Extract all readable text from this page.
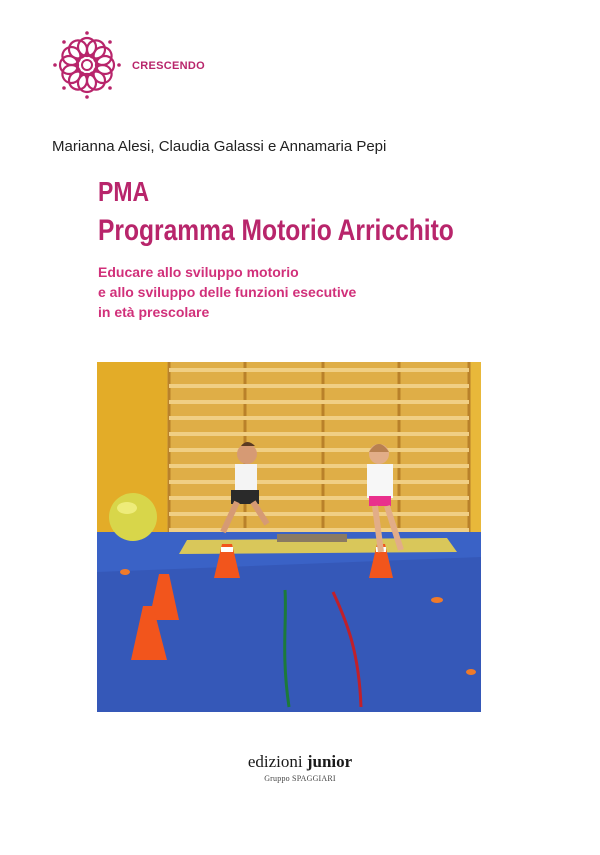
CRESCENDO
Marianna Alesi, Claudia Galassi e Annamaria Pepi
PMA
Programma Motorio Arricchito
Educare allo sviluppo motorio
e allo sviluppo delle funzioni esecutive
in età prescolare
edizioni junior
Gruppo SPAGGIARI
